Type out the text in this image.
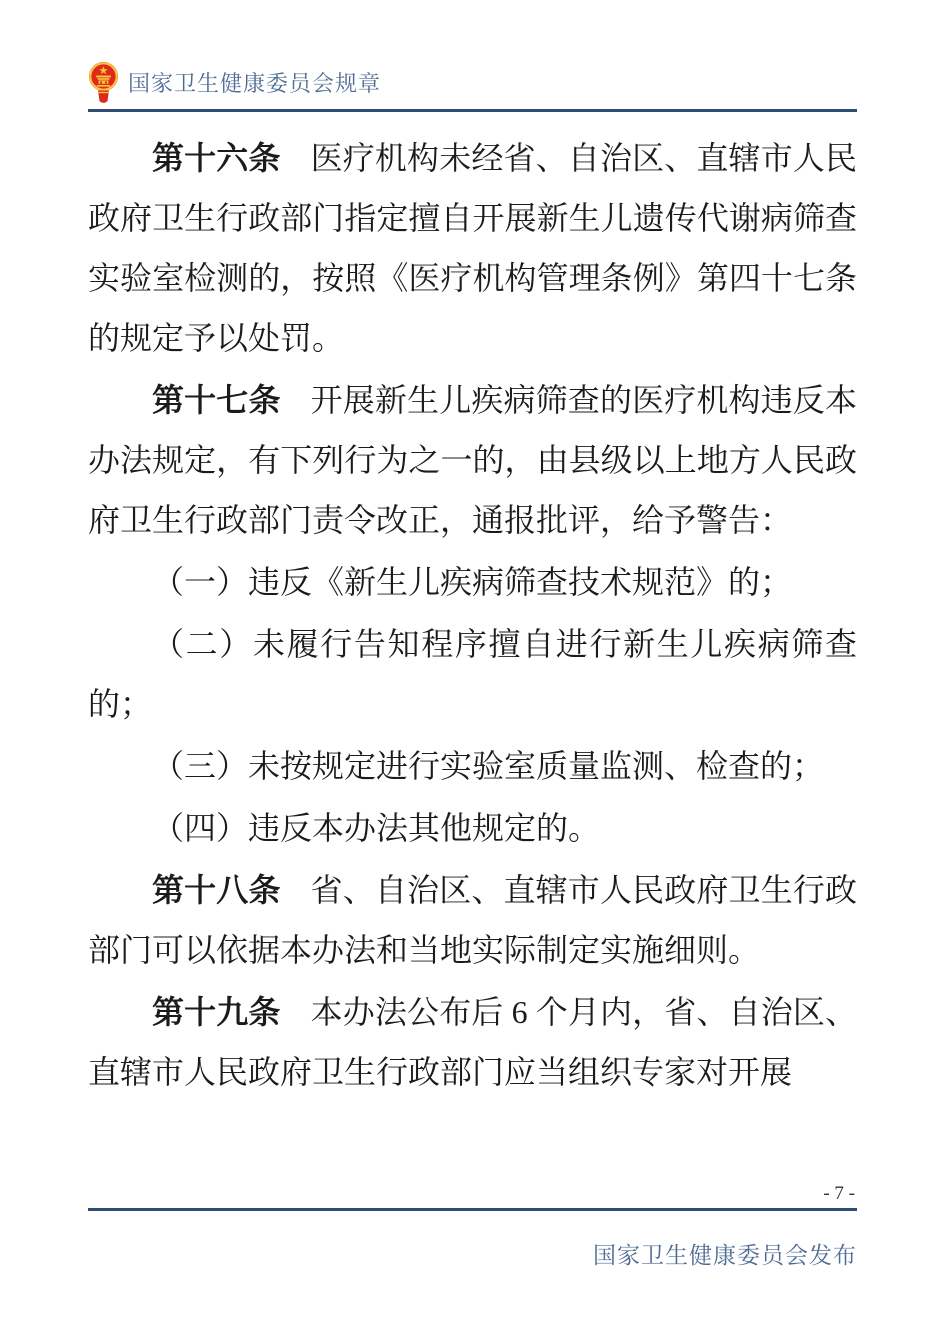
国家卫生健康委员会规章

第十六条 医疗机构未经省、自治区、直辖市人民政府卫生行政部门指定擅自开展新生儿遗传代谢病筛查实验室检测的，按照《医疗机构管理条例》第四十七条的规定予以处罚。

第十七条 开展新生儿疾病筛查的医疗机构违反本办法规定，有下列行为之一的，由县级以上地方人民政府卫生行政部门责令改正，通报批评，给予警告：

（一）违反《新生儿疾病筛查技术规范》的；

（二）未履行告知程序擅自进行新生儿疾病筛查的；

（三）未按规定进行实验室质量监测、检查的；

（四）违反本办法其他规定的。

第十八条 省、自治区、直辖市人民政府卫生行政部门可以依据本办法和当地实际制定实施细则。

第十九条 本办法公布后 6 个月内，省、自治区、直辖市人民政府卫生行政部门应当组织专家对开展

- 7 -
国家卫生健康委员会发布
